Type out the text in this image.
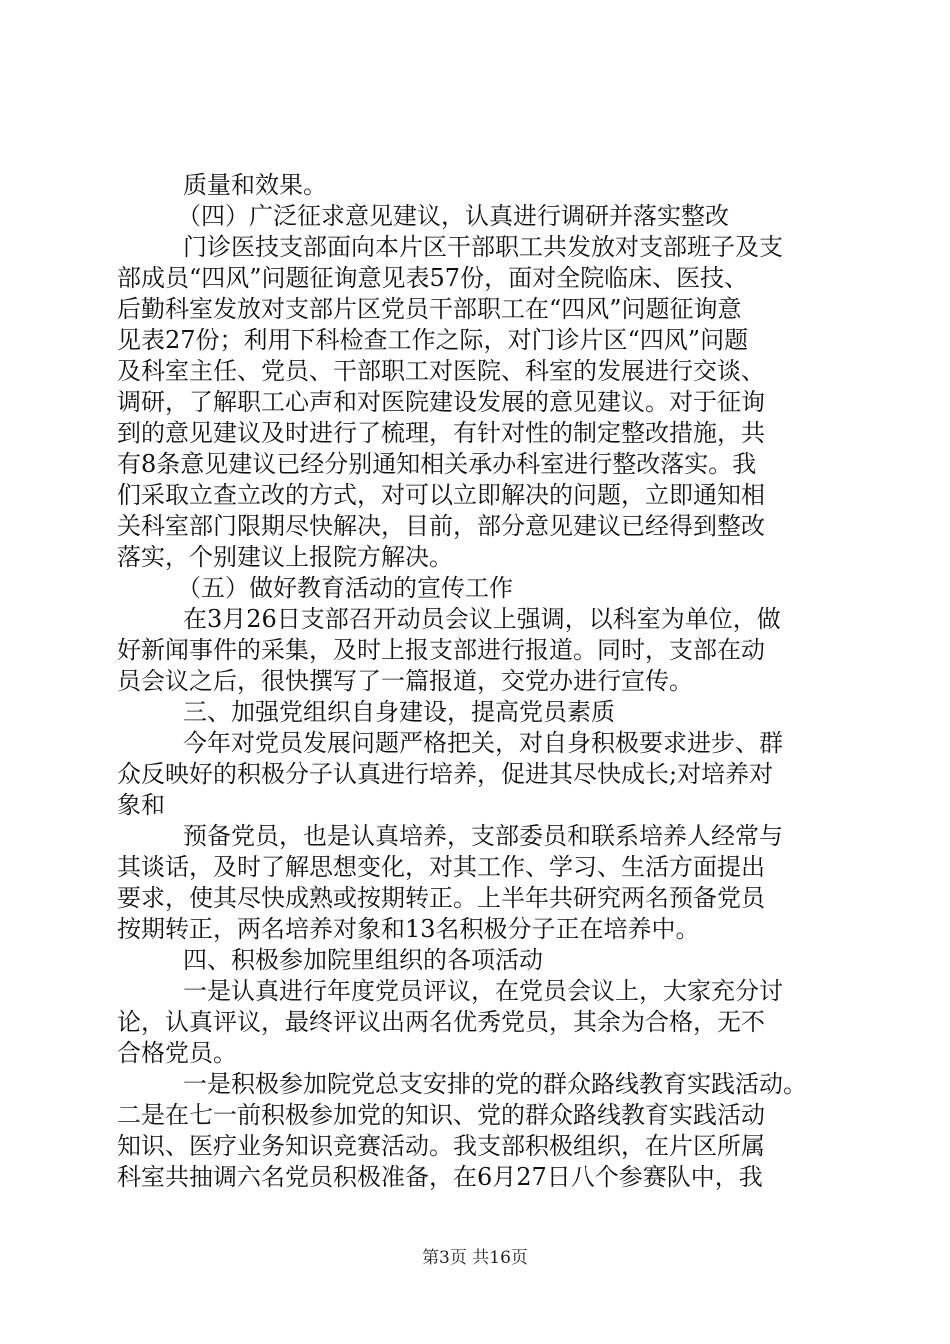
质量和效果。
（四）广泛征求意见建议，认真进行调研并落实整改
门诊医技支部面向本片区干部职工共发放对支部班子及支
部成员“四风”问题征询意见表57份，面对全院临床、医技、
后勤科室发放对支部片区党员干部职工在“四风”问题征询意
见表27份；利用下科检查工作之际，对门诊片区“四风”问题
及科室主任、党员、干部职工对医院、科室的发展进行交谈、
调研，了解职工心声和对医院建设发展的意见建议。对于征询
到的意见建议及时进行了梳理，有针对性的制定整改措施，共
有8条意见建议已经分别通知相关承办科室进行整改落实。我
们采取立查立改的方式，对可以立即解决的问题，立即通知相
关科室部门限期尽快解决，目前，部分意见建议已经得到整改
落实，个别建议上报院方解决。
（五）做好教育活动的宣传工作
在3月26日支部召开动员会议上强调，以科室为单位，做
好新闻事件的采集，及时上报支部进行报道。同时，支部在动
员会议之后，很快撰写了一篇报道，交党办进行宣传。
三、加强党组织自身建设，提高党员素质
今年对党员发展问题严格把关，对自身积极要求进步、群
众反映好的积极分子认真进行培养，促进其尽快成长;对培养对
象和
预备党员，也是认真培养，支部委员和联系培养人经常与
其谈话，及时了解思想变化，对其工作、学习、生活方面提出
要求，使其尽快成熟或按期转正。上半年共研究两名预备党员
按期转正，两名培养对象和13名积极分子正在培养中。
四、积极参加院里组织的各项活动
一是认真进行年度党员评议，在党员会议上，大家充分讨
论，认真评议，最终评议出两名优秀党员，其余为合格，无不
合格党员。
一是积极参加院党总支安排的党的群众路线教育实践活动。
二是在七一前积极参加党的知识、党的群众路线教育实践活动
知识、医疗业务知识竞赛活动。我支部积极组织，在片区所属
科室共抽调六名党员积极准备，在6月27日八个参赛队中，我
第3页 共16页
